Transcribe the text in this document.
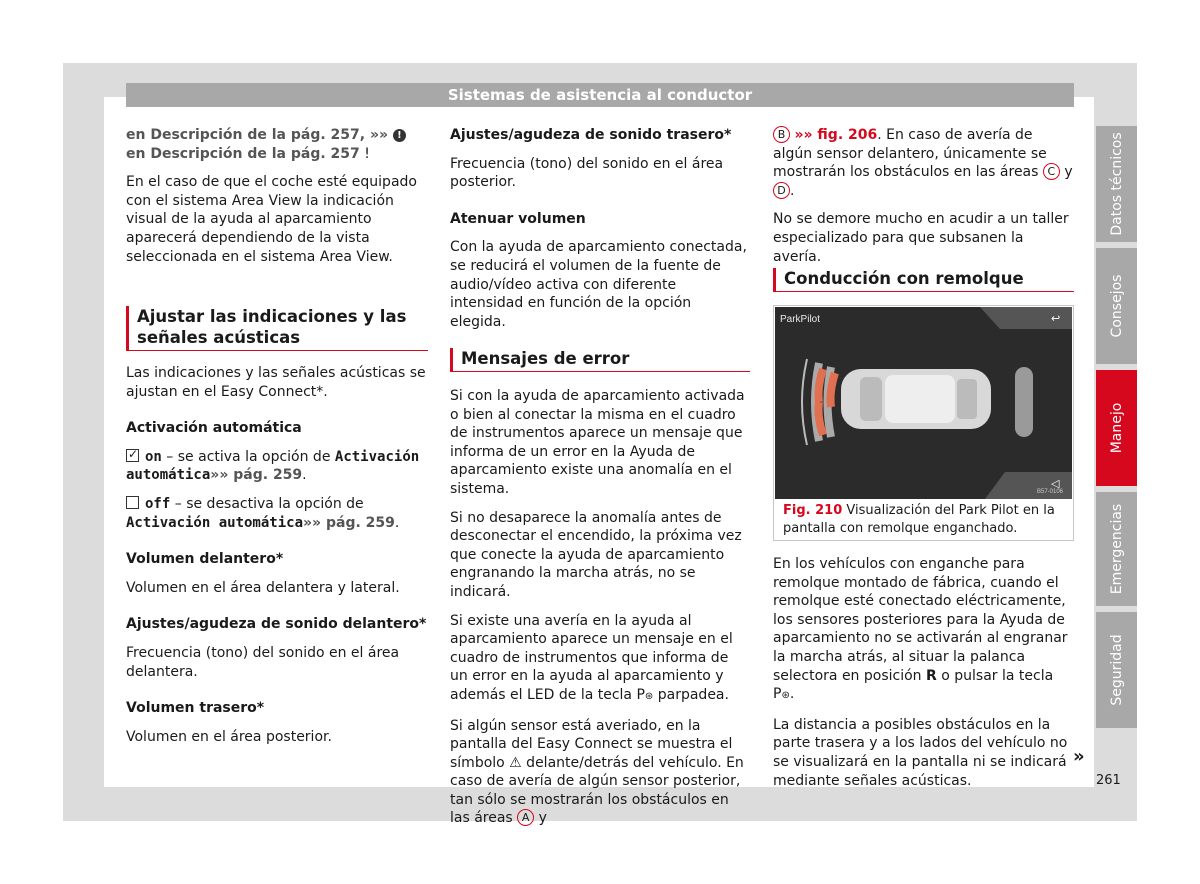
Sistemas de asistencia al conductor

en Descripción de la pág. 257, »» ! en Descripción de la pág. 257 !

En el caso de que el coche esté equipado con el sistema Area View la indicación visual de la ayuda al aparcamiento aparecerá dependiendo de la vista seleccionada en el sistema Area View.

Ajustar las indicaciones y las señales acústicas

Las indicaciones y las señales acústicas se ajustan en el Easy Connect*.

Activación automática

✓ on – se activa la opción de Activación automática»» pág. 259.

off – se desactiva la opción de Activación automática»» pág. 259.

Volumen delantero*

Volumen en el área delantera y lateral.

Ajustes/agudeza de sonido delantero*

Frecuencia (tono) del sonido en el área delantera.

Volumen trasero*

Volumen en el área posterior.

Ajustes/agudeza de sonido trasero*

Frecuencia (tono) del sonido en el área posterior.

Atenuar volumen

Con la ayuda de aparcamiento conectada, se reducirá el volumen de la fuente de audio/vídeo activa con diferente intensidad en función de la opción elegida.

Mensajes de error

Si con la ayuda de aparcamiento activada o bien al conectar la misma en el cuadro de instrumentos aparece un mensaje que informa de un error en la Ayuda de aparcamiento existe una anomalía en el sistema.

Si no desaparece la anomalía antes de desconectar el encendido, la próxima vez que conecte la ayuda de aparcamiento engranando la marcha atrás, no se indicará.

Si existe una avería en la ayuda al aparcamiento aparece un mensaje en el cuadro de instrumentos que informa de un error en la ayuda al aparcamiento y además el LED de la tecla P⊛ parpadea.

Si algún sensor está averiado, en la pantalla del Easy Connect se muestra el símbolo ⚠ delante/detrás del vehículo. En caso de avería de algún sensor posterior, tan sólo se mostrarán los obstáculos en las áreas A y

B »» fig. 206. En caso de avería de algún sensor delantero, únicamente se mostrarán los obstáculos en las áreas C y D .

No se demore mucho en acudir a un taller especializado para que subsanen la avería.

Conducción con remolque
ParkPilot	↩
◁
B57-0106
Fig. 210 Visualización del Park Pilot en la pantalla con remolque enganchado.

En los vehículos con enganche para remolque montado de fábrica, cuando el remolque esté conectado eléctricamente, los sensores posteriores para la Ayuda de aparcamiento no se activarán al engranar la marcha atrás, al situar la palanca selectora en posición R o pulsar la tecla P⊛.

La distancia a posibles obstáculos en la parte trasera y a los lados del vehículo no se visualizará en la pantalla ni se indicará mediante señales acústicas.

»
Datos técnicos
Consejos
Manejo
Emergencias
Seguridad
261
